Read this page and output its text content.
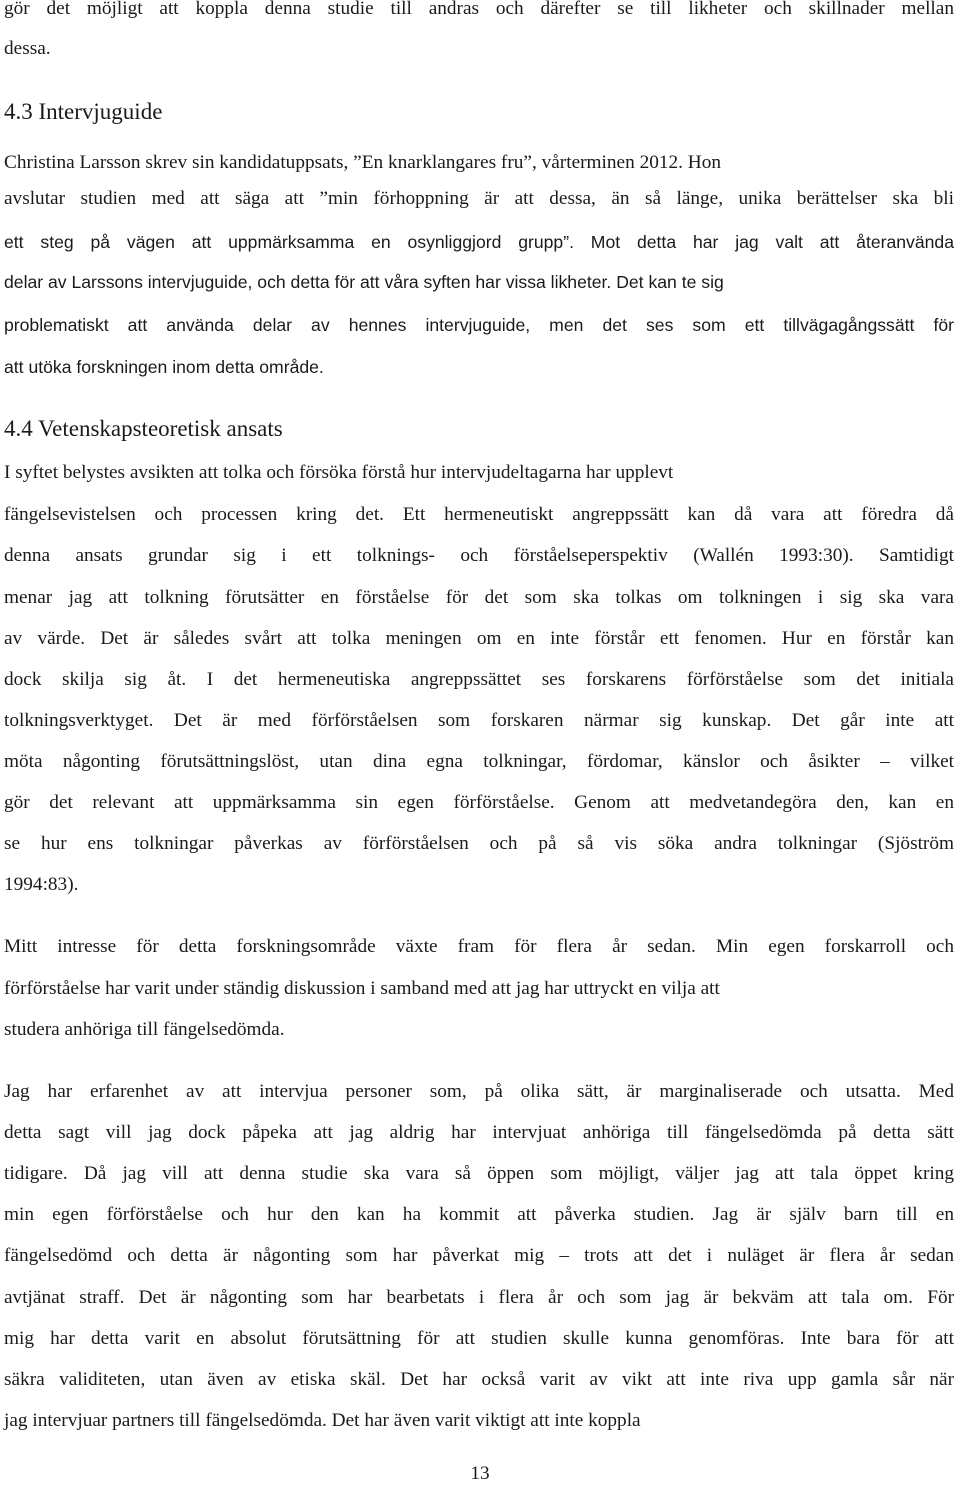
gör det möjligt att koppla denna studie till andras och därefter se till likheter och skillnader mellan
dessa.
4.3 Intervjuguide
Christina Larsson skrev sin kandidatuppsats, ”En knarklangares fru”, vårterminen 2012. Hon
avslutar studien med att säga att ”min förhoppning är att dessa, än så länge, unika berättelser ska bli
ett steg på vägen att uppmärksamma en osynliggjord grupp”. Mot detta har jag valt att återanvända
delar av Larssons intervjuguide, och detta för att våra syften har vissa likheter. Det kan te sig
problematiskt att använda delar av hennes intervjuguide, men det ses som ett tillvägagångssätt för
att utöka forskningen inom detta område.
4.4 Vetenskapsteoretisk ansats
I syftet belystes avsikten att tolka och försöka förstå hur intervjudeltagarna har upplevt
fängelsevistelsen och processen kring det. Ett hermeneutiskt angreppssätt kan då vara att föredra då
denna ansats grundar sig i ett tolknings- och förståelseperspektiv (Wallén 1993:30). Samtidigt
menar jag att tolkning förutsätter en förståelse för det som ska tolkas om tolkningen i sig ska vara
av värde. Det är således svårt att tolka meningen om en inte förstår ett fenomen. Hur en förstår kan
dock skilja sig åt. I det hermeneutiska angreppssättet ses forskarens förförståelse som det initiala
tolkningsverktyget. Det är med förförståelsen som forskaren närmar sig kunskap. Det går inte att
möta någonting förutsättningslöst, utan dina egna tolkningar, fördomar, känslor och åsikter – vilket
gör det relevant att uppmärksamma sin egen förförståelse. Genom att medvetandegöra den, kan en
se hur ens tolkningar påverkas av förförståelsen och på så vis söka andra tolkningar (Sjöström
1994:83).
Mitt intresse för detta forskningsområde växte fram för flera år sedan. Min egen forskarroll och
förförståelse har varit under ständig diskussion i samband med att jag har uttryckt en vilja att
studera anhöriga till fängelsedömda.
Jag har erfarenhet av att intervjua personer som, på olika sätt, är marginaliserade och utsatta. Med
detta sagt vill jag dock påpeka att jag aldrig har intervjuat anhöriga till fängelsedömda på detta sätt
tidigare. Då jag vill att denna studie ska vara så öppen som möjligt, väljer jag att tala öppet kring
min egen förförståelse och hur den kan ha kommit att påverka studien. Jag är själv barn till en
fängelsedömd och detta är någonting som har påverkat mig – trots att det i nuläget är flera år sedan
avtjänat straff. Det är någonting som har bearbetats i flera år och som jag är bekväm att tala om. För
mig har detta varit en absolut förutsättning för att studien skulle kunna genomföras. Inte bara för att
säkra validiteten, utan även av etiska skäl. Det har också varit av vikt att inte riva upp gamla sår när
jag intervjuar partners till fängelsedömda. Det har även varit viktigt att inte koppla
13
